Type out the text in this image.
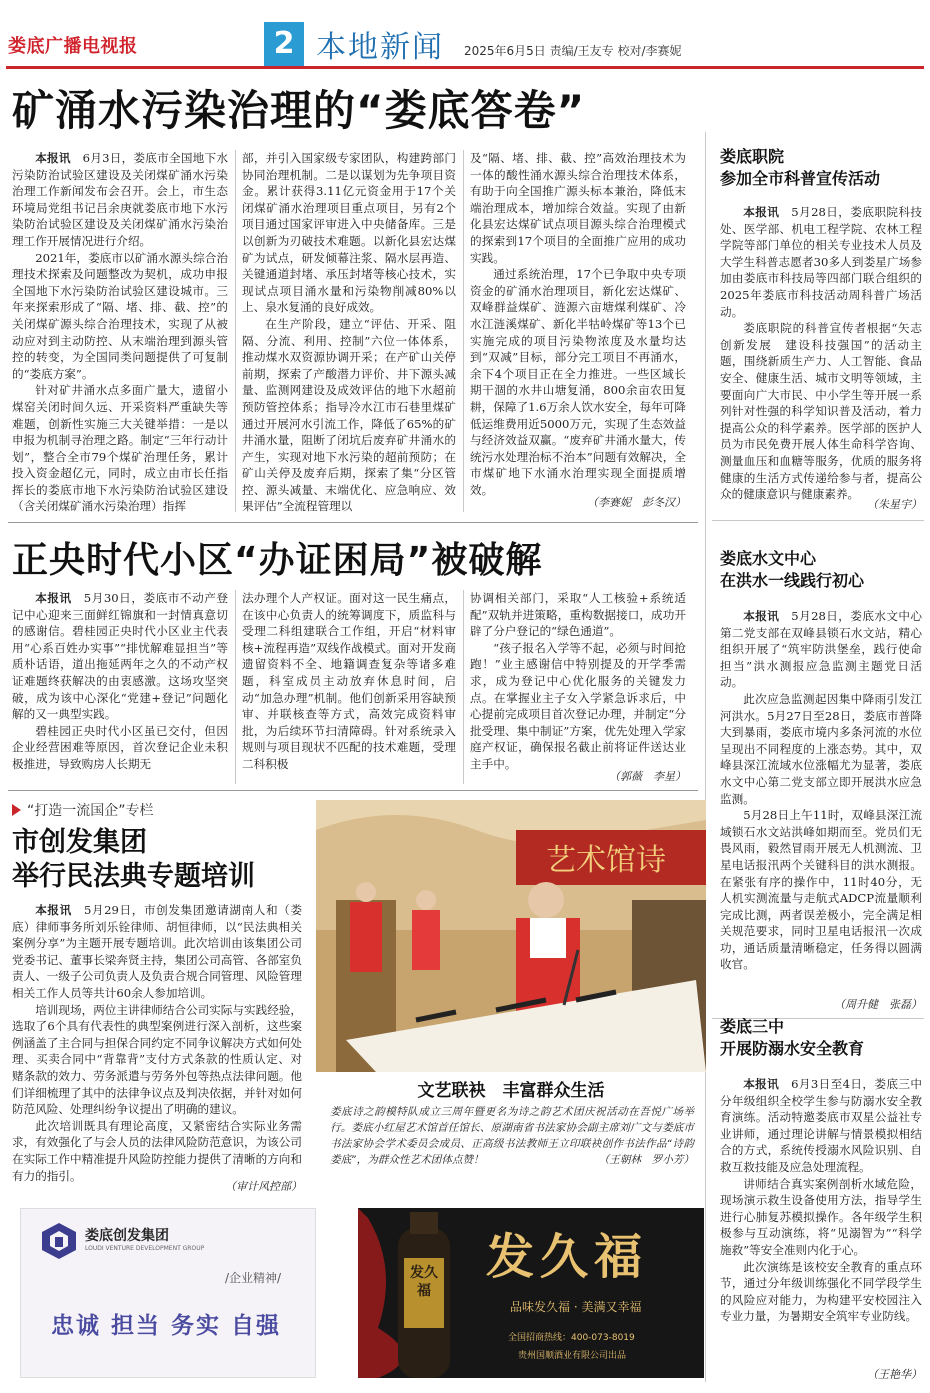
娄底广播电视报	2 本地新闻 2025年6月5日 责编/王友专 校对/李赛妮
矿涌水污染治理的“娄底答卷”

本报讯　 6月3日，娄底市全国地下水污染防治试验区建设及关闭煤矿涌水污染治理工作新闻发布会召开。会上，市生态环境局党组书记吕余庚就娄底市地下水污染防治试验区建设及关闭煤矿涌水污染治理工作开展情况进行介绍。

2021年，娄底市以矿涌水源头综合治理技术探索及问题整改为契机，成功申报全国地下水污染防治试验区建设城市。三年来探索形成了“隔、堵、排、截、控”的关闭煤矿源头综合治理技术，实现了从被动应对到主动防控、从末端治理到源头管控的转变，为全国同类问题提供了可复制的“娄底方案”。

针对矿井涌水点多面广量大，遗留小煤窑关闭时间久远、开采资料严重缺失等难题，创新性实施三大关键举措：一是以申报为机制寻治理之路。制定“三年行动计划”，整合全市79个煤矿治理任务，累计投入资金超亿元，同时，成立由市长任指挥长的娄底市地下水污染防治试验区建设（含关闭煤矿涌水污染治理）指挥

部，并引入国家级专家团队，构建跨部门协同治理机制。二是以谋划为先争项目资金。累计获得3.11亿元资金用于17个关闭煤矿涌水治理项目重点项目，另有2个项目通过国家评审进入中央储备库。三是以创新为刃破技术难题。以新化县宏达煤矿为试点，研发倾幕注浆、隔水层再造、关键通道封堵、承压封堵等核心技术，实现试点项目涌水量和污染物削减80%以上、泉水复涌的良好成效。

在生产阶段，建立“评估、开采、阻隔、分流、利用、控制”六位一体体系，推动煤水双资源协调开采；在产矿山关停前期，探索了产酸潜力评价、井下源头减量、监测网建设及成效评估的地下水超前预防管控体系；指导冷水江市石巷里煤矿通过开展河水引流工作，降低了65%的矿井涌水量，阻断了闭坑后废弃矿井涌水的产生，实现对地下水污染的超前预防；在矿山关停及废弃后期，探索了集“分区管控、源头减量、末端优化、应急响应、效果评估”全流程管理以

及“隔、堵、排、截、控”高效治理技术为一体的酸性涌水源头综合治理技术体系，有助于向全国推广源头标本兼治，降低末端治理成本，增加综合效益。实现了由新化县宏达煤矿试点项目源头综合治理模式的探索到17个项目的全面推广应用的成功实践。

通过系统治理，17个已争取中央专项资金的矿涌水治理项目，新化宏达煤矿、双峰群益煤矿、涟源六亩塘煤利煤矿、冷水江涟溪煤矿、新化半牯岭煤矿等13个已实施完成的项目污染物浓度及水量均达到“双减”目标，部分完工项目不再涌水，余下4个项目正在全力推进。一些区域长期干涸的水井山塘复涌，800余亩农田复耕，保障了1.6万余人饮水安全，每年可降低运维费用近5000万元，实现了生态效益与经济效益双赢。“废弃矿井涌水量大，传统污水处理治标不治本”问题有效解决，全市煤矿地下水涌水治理实现全面提质增效。

（李赛妮　彭冬汉）
娄底职院
参加全市科普宣传活动

本报讯　 5月28日，娄底职院科技处、医学部、机电工程学院、农林工程学院等部门单位的相关专业技术人员及大学生科普志愿者30多人到娄星广场参加由娄底市科技局等四部门联合组织的2025年娄底市科技活动周科普广场活动。

娄底职院的科普宣传者根据“矢志创新发展　建设科技强国”的活动主题，围绕新质生产力、人工智能、食品安全、健康生活、城市文明等领域，主要面向广大市民、中小学生等开展一系列针对性强的科学知识普及活动，着力提高公众的科学素养。医学部的医护人员为市民免费开展人体生命科学咨询、测量血压和血糖等服务，优质的服务将健康的生活方式传递给参与者，提高公众的健康意识与健康素养。

（朱星宇）
正央时代小区“办证困局”被破解

本报讯　 5月30日，娄底市不动产登记中心迎来三面鲜红锦旗和一封情真意切的感谢信。碧桂园正央时代小区业主代表用“心系百姓办实事”“排忧解难显担当”等质朴话语，道出拖延两年之久的不动产权证难题终获解决的由衷感激。这场攻坚突破，成为该中心深化“党建+登记”问题化解的又一典型实践。

碧桂园正央时代小区虽已交付，但因企业经营困难等原因，首次登记企业未积极推进，导致购房人长期无

法办理个人产权证。面对这一民生痛点，在该中心负责人的统筹调度下，质监科与受理二科组建联合工作组，开启“材料审核+流程再造”双线作战模式。面对开发商遗留资料不全、地籍调查复杂等诸多难题，科室成员主动放弃休息时间，启动“加急办理”机制。他们创新采用容缺预审、并联核查等方式，高效完成资料审批，为后续环节扫清障碍。针对系统录入规则与项目现状不匹配的技术难题，受理二科积极

协调相关部门，采取“人工核验+系统适配”双轨并进策略，重构数据接口，成功开辟了分户登记的“绿色通道”。

“孩子报名入学等不起，必须与时间抢跑！”业主感谢信中特别提及的开学季需求，成为登记中心优化服务的关键发力点。在掌握业主子女入学紧急诉求后，中心提前完成项目首次登记办理，并制定“分批受理、集中制证”方案，优先处理入学家庭产权证，确保报名截止前将证件送达业主手中。

（郭薇　李星）
娄底水文中心
在洪水一线践行初心

本报讯　 5月28日，娄底水文中心第二党支部在双峰县锁石水文站，精心组织开展了“筑牢防洪堡垒，践行使命担当”洪水测报应急监测主题党日活动。

此次应急监测起因集中降雨引发江河洪水。5月27日至28日，娄底市普降大到暴雨，娄底市境内多条河流的水位呈现出不同程度的上涨态势。其中，双峰县深江流域水位涨幅尤为显著，娄底水文中心第二党支部立即开展洪水应急监测。

5月28日上午11时，双峰县深江流域锁石水文站洪峰如期而至。党员们无畏风雨，毅然冒雨开展无人机测流、卫星电话报汛两个关键科目的洪水测报。在紧张有序的操作中，11时40分，无人机实测流量与走航式ADCP流量顺利完成比测，两者误差极小，完全满足相关规范要求，同时卫星电话报汛一次成功，通话质量清晰稳定，任务得以圆满收官。

（周升健　张磊）
“打造一流国企”专栏
市创发集团
举行民法典专题培训

本报讯　 5月29日，市创发集团邀请湖南人和（娄底）律师事务所刘乐铨律师、胡恒律师，以“民法典相关案例分享”为主题开展专题培训。此次培训由该集团公司党委书记、董事长梁奔贤主持，集团公司高管、各部室负责人、一级子公司负责人及负责合规合同管理、风险管理相关工作人员等共计60余人参加培训。

培训现场，两位主讲律师结合公司实际与实践经验，选取了6个具有代表性的典型案例进行深入剖析，这些案例涵盖了主合同与担保合同约定不同争议解决方式如何处理、买卖合同中“背靠背”支付方式条款的性质认定、对赌条款的效力、劳务派遣与劳务外包等热点法律问题。他们详细梳理了其中的法律争议点及判决依据，并针对如何防范风险、处理纠纷争议提出了明确的建议。

此次培训既具有理论高度，又紧密结合实际业务需求，有效强化了与会人员的法律风险防范意识，为该公司在实际工作中精准提升风险防控能力提供了清晰的方向和有力的指引。

（审计风控部）
艺术馆诗
文艺联袂　丰富群众生活
娄底诗之韵模特队成立三周年暨更名为诗之韵艺术团庆祝活动在吾悦广场举行。娄底小红屋艺术馆首任馆长、原湖南省书法家协会副主席刘广文与娄底市书法家协会学术委员会成员、正高级书法教师王立印联袂创作书法作品“诗韵娄底”，为群众性艺术团体点赞！	（王朝林　罗小芳）
娄底三中
开展防溺水安全教育

本报讯　 6月3日至4日，娄底三中分年级组织全校学生参与防溺水安全教育演练。活动特邀娄底市双星公益社专业讲师，通过理论讲解与情景模拟相结合的方式，系统传授溺水风险识别、自救互救技能及应急处理流程。

讲师结合真实案例剖析水域危险，现场演示救生设备使用方法，指导学生进行心肺复苏模拟操作。各年级学生积极参与互动演练，将“见溺智为”“科学施救”等安全准则内化于心。

此次演练是该校安全教育的重点环节，通过分年级训练强化不同学段学生的风险应对能力，为构建平安校园注入专业力量，为暑期安全筑牢专业防线。

（王艳华）
娄底创发集团
LOUDI VENTURE DEVELOPMENT GROUP
/企业精神/
忠诚 担当 务实 自强
发久福
发久福
品味发久福 · 美满又幸福
全国招商热线：400-073-8019
贵州国顺酒业有限公司出品
